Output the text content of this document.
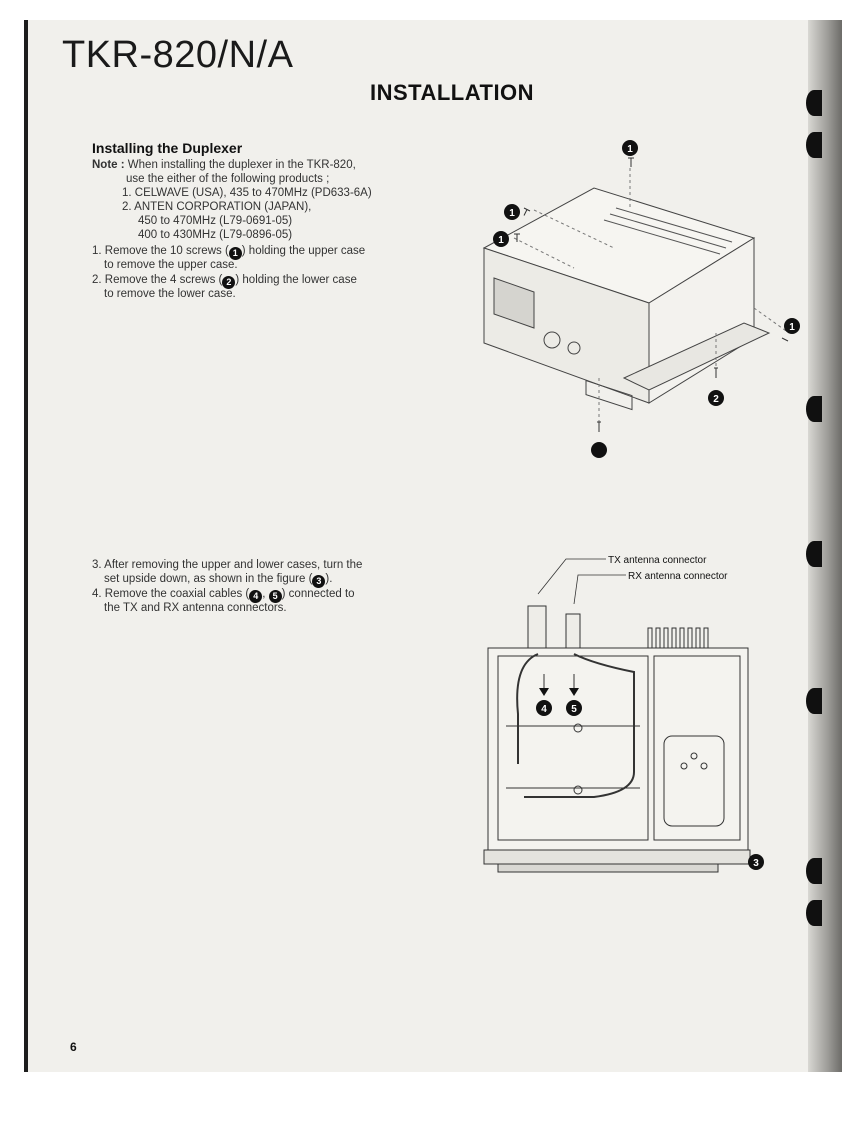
TKR-820/N/A
INSTALLATION
Installing the Duplexer
Note : When installing the duplexer in the TKR-820,
use the either of the following products ;
1. CELWAVE (USA), 435 to 470MHz (PD633-6A)
2. ANTEN CORPORATION (JAPAN),
450 to 470MHz (L79-0691-05)
400 to 430MHz (L79-0896-05)
1. Remove the 10 screws ( 1 ) holding the upper case
to remove the upper case.
2. Remove the 4 screws ( 2 ) holding the lower case
to remove the lower case.
3. After removing the upper and lower cases, turn the
set upside down, as shown in the figure ( 3 ).
4. Remove the coaxial cables ( 4 , 5 ) connected to
the TX and RX antenna connectors.
1
1
1
1
2
TX antenna connector
RX antenna connector
4 5
3
6
